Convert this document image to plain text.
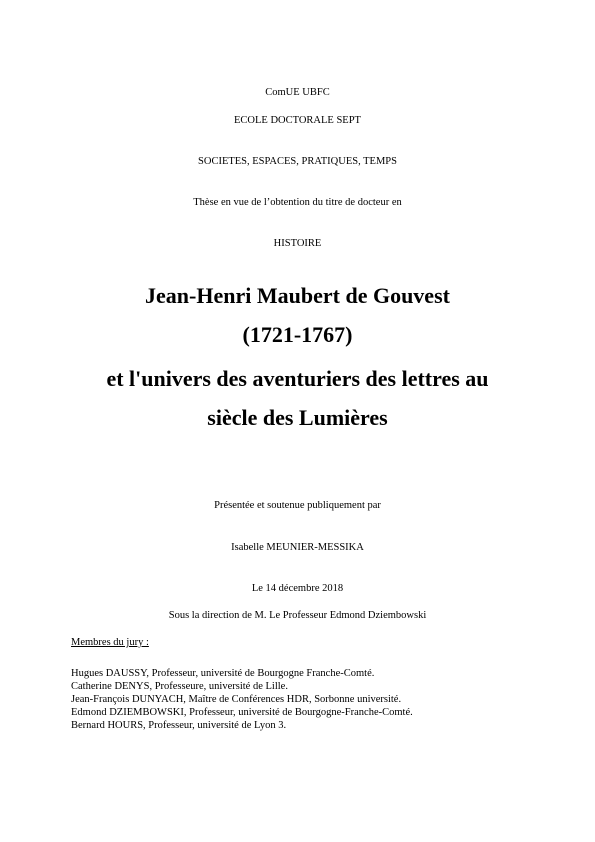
ComUE UBFC
ECOLE DOCTORALE SEPT
SOCIETES, ESPACES, PRATIQUES, TEMPS
Thèse en vue de l’obtention du titre de docteur en
HISTOIRE
Jean-Henri Maubert de Gouvest
(1721-1767)
et l'univers des aventuriers des lettres au
siècle des Lumières
Présentée et soutenue publiquement par
Isabelle MEUNIER-MESSIKA
Le 14 décembre 2018
Sous la direction de M. Le Professeur Edmond Dziembowski
Membres du jury :
Hugues DAUSSY, Professeur, université de Bourgogne Franche-Comté.
Catherine DENYS, Professeure, université de Lille.
Jean-François DUNYACH, Maître de Conférences HDR, Sorbonne université.
Edmond DZIEMBOWSKI, Professeur, université de Bourgogne-Franche-Comté.
Bernard HOURS, Professeur, université de Lyon 3.
